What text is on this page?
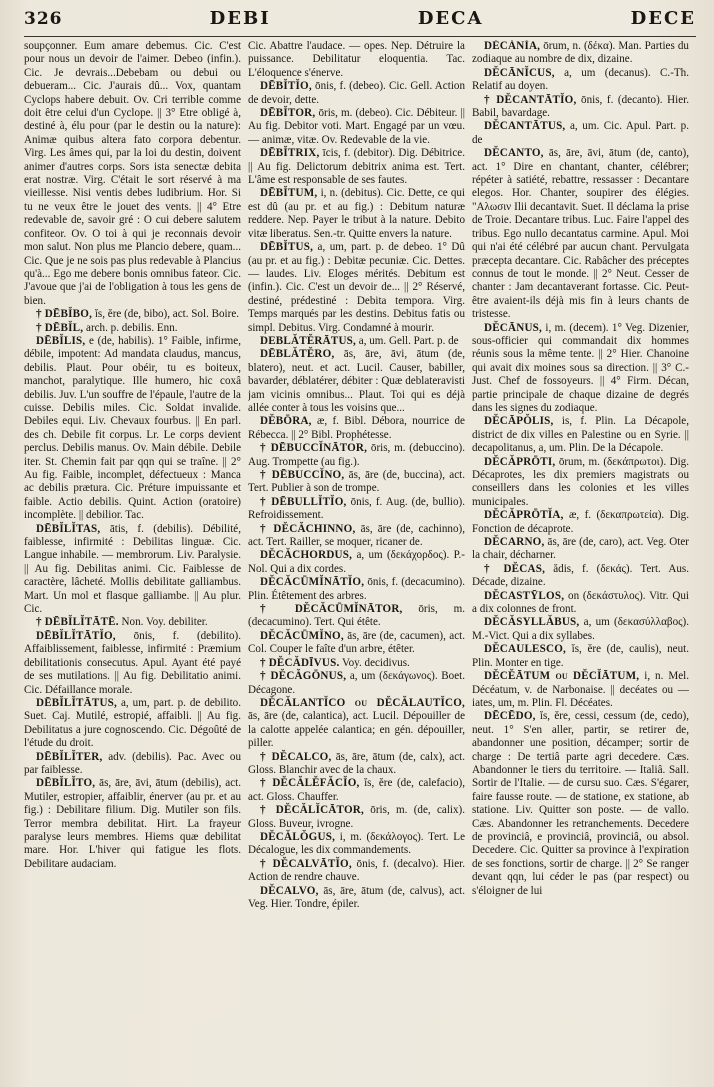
326	DEBI	DECA	DECE

soupçonner. Eum amare debemus. Cic. C'est pour nous un devoir de l'aimer. Debeo (infin.). Cic. Je devrais...Debebam ou debui ou debueram... Cic. J'aurais dû... Vox, quantam Cyclops habere debuit. Ov. Cri terrible comme doit être celui d'un Cyclope. || 3° Etre obligé à, destiné à, élu pour (par le destin ou la nature): Animæ quibus altera fato corpora debentur. Virg. Les âmes qui, par la loi du destin, doivent animer d'autres corps. Sors ista senectæ debita erat nostræ. Virg. C'était le sort réservé à ma vieillesse. Nisi ventis debes ludibrium. Hor. Si tu ne veux être le jouet des vents. || 4° Etre redevable de, savoir gré : O cui debere salutem confiteor. Ov. O toi à qui je reconnais devoir mon salut. Non plus me Plancio debere, quam... Cic. Que je ne sois pas plus redevable à Plancius qu'à... Ego me debere bonis omnibus fateor. Cic. J'avoue que j'ai de l'obligation à tous les gens de bien.

† DĒBĬBO, ĭs, ĕre (de, bibo), act. Sol. Boire.

† DĒBĬL, arch. p. debilis. Enn.

DĒBĬLIS, e (de, habilis). 1° Faible, infirme, débile, impotent: Ad mandata claudus, mancus, debilis. Plaut. Pour obéir, tu es boiteux, manchot, paralytique. Ille humero, hic coxâ debilis. Juv. L'un souffre de l'épaule, l'autre de la cuisse. Debilis miles. Cic. Soldat invalide. Debiles equi. Liv. Chevaux fourbus. || En parl. des ch. Debile fit corpus. Lr. Le corps devient perclus. Debilis manus. Ov. Main débile. Debile iter. St. Chemin fait par qqn qui se traîne. || 2° Au fig. Faible, incomplet, défectueux : Manca ac debilis prætura. Cic. Préture impuissante et faible. Actio debilis. Quint. Action (oratoire) incomplète. || debilior. Tac.

DĒBĬLĬTAS, ātis, f. (debilis). Débilité, faiblesse, infirmité : Debilitas linguæ. Cic. Langue inhabile. — membrorum. Liv. Paralysie. || Au fig. Debilitas animi. Cic. Faiblesse de caractère, lâcheté. Mollis debilitate galliambus. Mart. Un mol et flasque galliambe. || Au plur. Cic.

† DĒBĬLĬTĀTĒ. Non. Voy. debiliter.

DĒBĬLĬTĀTĬO, ōnis, f. (debilito). Affaiblissement, faiblesse, infirmité : Præmium debilitationis consecutus. Apul. Ayant été payé de ses mutilations. || Au fig. Debilitatio animi. Cic. Défaillance morale.

DĒBĬLĬTĀTUS, a, um, part. p. de debilito. Suet. Caj. Mutilé, estropié, affaibli. || Au fig. Debilitatus a jure cognoscendo. Cic. Dégoûté de l'étude du droit.

DĒBĬLĬTER, adv. (debilis). Pac. Avec ou par faiblesse.

DĒBĬLĬTO, ās, āre, āvi, ātum (debilis), act. Mutiler, estropier, affaiblir, énerver (au pr. et au fig.) : Debilitare filium. Dig. Mutiler son fils. Terror membra debilitat. Hirt. La frayeur paralyse leurs membres. Hiems quæ debilitat mare. Hor. L'hiver qui fatigue les flots. Debilitare audaciam.

Cic. Abattre l'audace. — opes. Nep. Détruire la puissance. Debilitatur eloquentia. Tac. L'éloquence s'énerve.

DĒBĬTĬO, ōnis, f. (debeo). Cic. Gell. Action de devoir, dette.

DĒBĬTOR, ōris, m. (debeo). Cic. Débiteur. || Au fig. Debitor voti. Mart. Engagé par un vœu. — animæ, vitæ. Ov. Redevable de la vie.

DĒBĬTRIX, īcis, f. (debitor). Dig. Débitrice. || Au fig. Delictorum debitrix anima est. Tert. L'âme est responsable de ses fautes.

DĒBĬTUM, i, n. (debitus). Cic. Dette, ce qui est dû (au pr. et au fig.) : Debitum naturæ reddere. Nep. Payer le tribut à la nature. Debito vitæ liberatus. Sen.-tr. Quitte envers la nature.

DĒBĬTUS, a, um, part. p. de debeo. 1° Dû (au pr. et au fig.) : Debitæ pecuniæ. Cic. Dettes. — laudes. Liv. Eloges mérités. Debitum est (infin.). Cic. C'est un devoir de... || 2° Réservé, destiné, prédestiné : Debita tempora. Virg. Temps marqués par les destins. Debitus fatis ou simpl. Debitus. Virg. Condamné à mourir.

DEBLĂTĔRĀTUS, a, um. Gell. Part. p. de

DĒBLĂTĔRO, ās, āre, āvi, ātum (de, blatero), neut. et act. Lucil. Causer, babiller, bavarder, déblatérer, débiter : Quæ deblateravisti jam vicinis omnibus... Plaut. Toi qui es déjà allée conter à tous les voisins que...

DĔBŌRA, æ, f. Bibl. Débora, nourrice de Rébecca. || 2° Bibl. Prophétesse.

† DĒBUCCĬNĀTOR, ōris, m. (debuccino). Aug. Trompette (au fig.).

† DĒBUCCĬNO, ās, āre (de, buccina), act. Tert. Publier à son de trompe.

† DĒBULLĬTĬO, ōnis, f. Aug. (de, bullio). Refroidissement.

† DĔCĂCHINNO, ās, āre (de, cachinno), act. Tert. Railler, se moquer, ricaner de.

DĔCĂCHORDUS, a, um (δεκάχορδος). P.-Nol. Qui a dix cordes.

DĔCĂCŪMĬNĀTĬO, ōnis, f. (decacumino). Plin. Étêtement des arbres.

† DĔCĂCŪMĬNĀTOR, ōris, m. (decacumino). Tert. Qui étête.

DĔCĂCŪMĬNO, ās, āre (de, cacumen), act. Col. Couper le faîte d'un arbre, étêter.

† DĔCĂDĪVUS. Voy. decidivus.

† DĔCĂGŌNUS, a, um (δεκάγωνος). Boet. Décagone.

DĔCĂLANTĬCO ou DĔCĂLAUTĬCO, ās, āre (de, calantica), act. Lucil. Dépouiller de la calotte appelée calantica; en gén. dépouiller, piller.

† DĔCALCO, ās, āre, ātum (de, calx), act. Gloss. Blanchir avec de la chaux.

† DĔCĂLĔFĂCĬO, ĭs, ĕre (de, calefacio), act. Gloss. Chauffer.

† DĔCĂLĬCĀTOR, ōris, m. (de, calix). Gloss. Buveur, ivrogne.

DĔCĂLŎGUS, i, m. (δεκάλογος). Tert. Le Décalogue, les dix commandements.

† DĔCALVĀTĬO, ōnis, f. (decalvo). Hier. Action de rendre chauve.

DĔCALVO, ās, āre, ātum (de, calvus), act. Veg. Hier. Tondre, épiler.

DĔCĂNĬA, ōrum, n. (δέκα). Man. Parties du zodiaque au nombre de dix, dizaine.

DĔCĀNĬCUS, a, um (decanus). C.-Th. Relatif au doyen.

† DĔCANTĀTĬO, ōnis, f. (decanto). Hier. Babil, bavardage.

DĔCANTĀTUS, a, um. Cic. Apul. Part. p. de

DĔCANTO, ās, āre, āvi, ātum (de, canto), act. 1° Dire en chantant, chanter, célébrer; répéter à satiété, rebattre, ressasser : Decantare elegos. Hor. Chanter, soupirer des élégies. "Αλωσιν Ilii decantavit. Suet. Il déclama la prise de Troie. Decantare tribus. Luc. Faire l'appel des tribus. Ego nullo decantatus carmine. Apul. Moi qui n'ai été célébré par aucun chant. Pervulgata præcepta decantare. Cic. Rabâcher des préceptes connus de tout le monde. || 2° Neut. Cesser de chanter : Jam decantaverant fortasse. Cic. Peut-être avaient-ils déjà mis fin à leurs chants de tristesse.

DĔCĀNUS, i, m. (decem). 1° Veg. Dizenier, sous-officier qui commandait dix hommes réunis sous la même tente. || 2° Hier. Chanoine qui avait dix moines sous sa direction. || 3° C.-Just. Chef de fossoyeurs. || 4° Firm. Décan, partie principale de chaque dizaine de degrés dans les signes du zodiaque.

DĔCĀPŎLIS, is, f. Plin. La Décapole, district de dix villes en Palestine ou en Syrie. || decapolitanus, a, um. Plin. De la Décapole.

DĔCĂPRŌTI, ōrum, m. (δεκάπρωτοι). Dig. Décaprotes, les dix premiers magistrats ou conseillers dans les colonies et les villes municipales.

DĔCĂPRŌTĬA, æ, f. (δεκαπρωτεία). Dig. Fonction de décaprote.

DĔCARNO, ās, āre (de, caro), act. Veg. Oter la chair, décharner.

† DĔCAS, ădis, f. (δεκάς). Tert. Aus. Décade, dizaine.

DĔCASTȲLOS, on (δεκάστυλος). Vitr. Qui a dix colonnes de front.

DĔCĂSYLLĂBUS, a, um (δεκασύλλαβος). M.-Vict. Qui a dix syllabes.

DĔCAULESCO, ĭs, ĕre (de, caulis), neut. Plin. Monter en tige.

DĔCĔĀTUM ou DĔCĬĀTUM, i, n. Mel. Décéatum, v. de Narbonaise. || decéates ou — iates, um, m. Plin. Fl. Décéates.

DĒCĒDO, ĭs, ĕre, cessi, cessum (de, cedo), neut. 1° S'en aller, partir, se retirer de, abandonner une position, décamper; sortir de charge : De tertiâ parte agri decedere. Cæs. Abandonner le tiers du territoire. — Italiâ. Sall. Sortir de l'Italie. — de cursu suo. Cæs. S'égarer, faire fausse route. — de statione, ex statione, ab statione. Liv. Quitter son poste. — de vallo. Cæs. Abandonner les retranchements. Decedere de provinciâ, e provinciâ, provinciâ, ou absol. Decedere. Cic. Quitter sa province à l'expiration de ses fonctions, sortir de charge. || 2° Se ranger devant qqn, lui céder le pas (par respect) ou s'éloigner de lui
